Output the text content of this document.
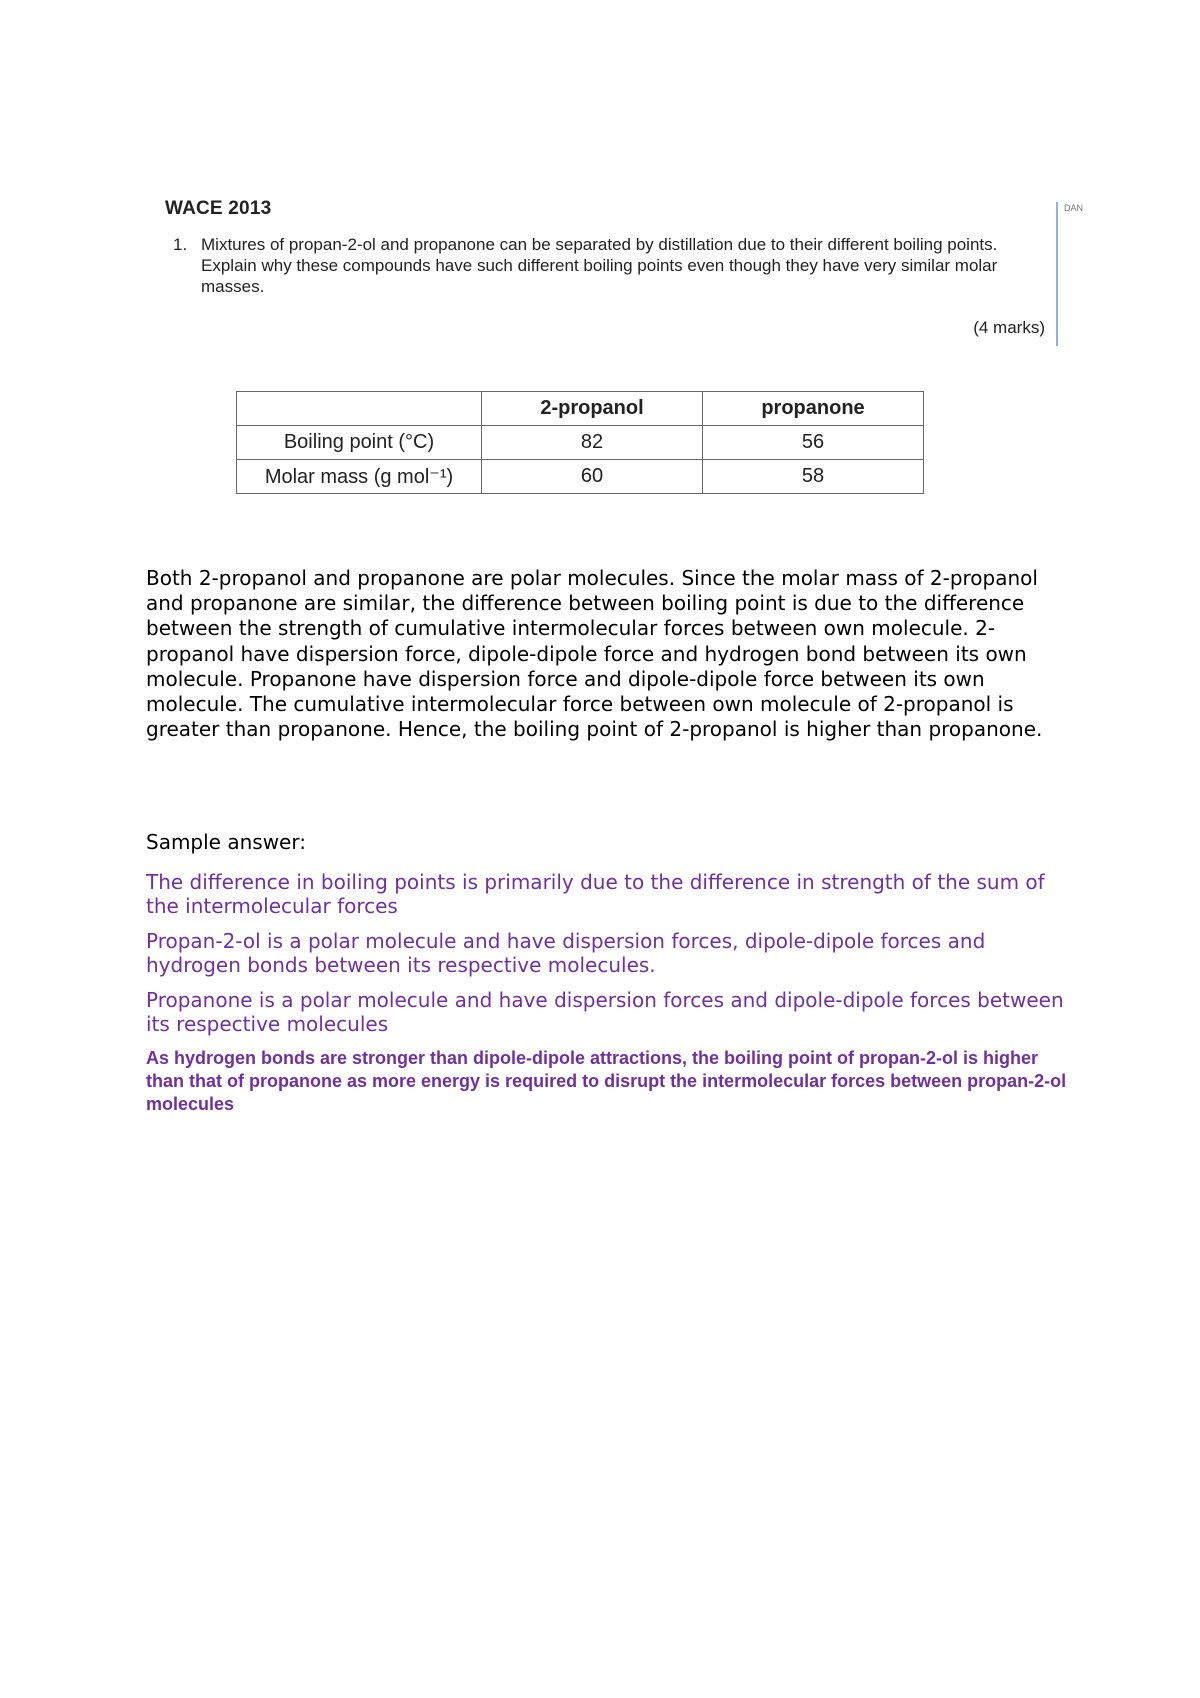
WACE 2013
1. Mixtures of propan-2-ol and propanone can be separated by distillation due to their different boiling points. Explain why these compounds have such different boiling points even though they have very similar molar masses.
(4 marks)
DAN
	2-propanol	propanone
Boiling point (°C)	82	56
Molar mass (g mol⁻¹)	60	58

Both 2-propanol and propanone are polar molecules. Since the molar mass of 2-propanol and propanone are similar, the difference between boiling point is due to the difference between the strength of cumulative intermolecular forces between own molecule. 2-propanol have dispersion force, dipole-dipole force and hydrogen bond between its own molecule. Propanone have dispersion force and dipole-dipole force between its own molecule. The cumulative intermolecular force between own molecule of 2-propanol is greater than propanone. Hence, the boiling point of 2-propanol is higher than propanone.

Sample answer:

The difference in boiling points is primarily due to the difference in strength of the sum of the intermolecular forces
Propan-2-ol is a polar molecule and have dispersion forces, dipole-dipole forces and hydrogen bonds between its respective molecules.
Propanone is a polar molecule and have dispersion forces and dipole-dipole forces between its respective molecules
As hydrogen bonds are stronger than dipole-dipole attractions, the boiling point of propan-2-ol is higher than that of propanone as more energy is required to disrupt the intermolecular forces between propan-2-ol molecules
